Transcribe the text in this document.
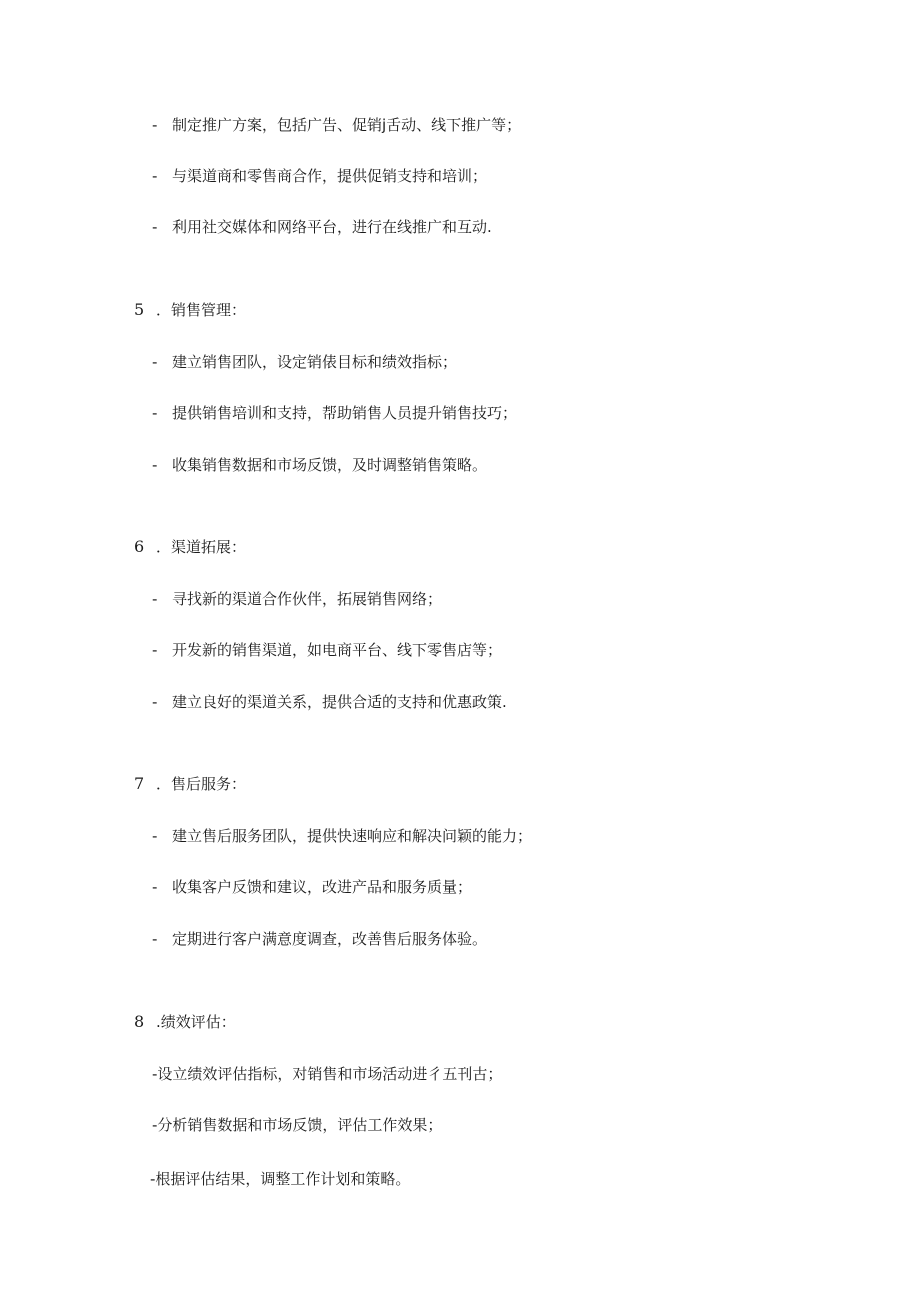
- 制定推广方案，包括广告、促销j舌动、线下推广等；
- 与渠道商和零售商合作，提供促销支持和培训；
- 利用社交媒体和网络平台，进行在线推广和互动.
5 ．销售管理：
- 建立销售团队，设定销俵目标和绩效指标；
- 提供销售培训和支持，帮助销售人员提升销售技巧；
- 收集销售数据和市场反馈，及时调整销售策略。
6 ．渠道拓展：
- 寻找新的渠道合作伙伴，拓展销售网络；
- 开发新的销售渠道，如电商平台、线下零售店等；
- 建立良好的渠道关系，提供合适的支持和优惠政策.
7 ．售后服务：
- 建立售后服务团队，提供快速响应和解决问颖的能力；
- 收集客户反馈和建议，改进产品和服务质量；
- 定期进行客户满意度调查，改善售后服务体验。
8 .绩效评估：
-设立绩效评估指标，对销售和市场活动进彳五刊古；
-分析销售数据和市场反馈，评估工作效果；
-根据评估结果，调整工作计划和策略。
